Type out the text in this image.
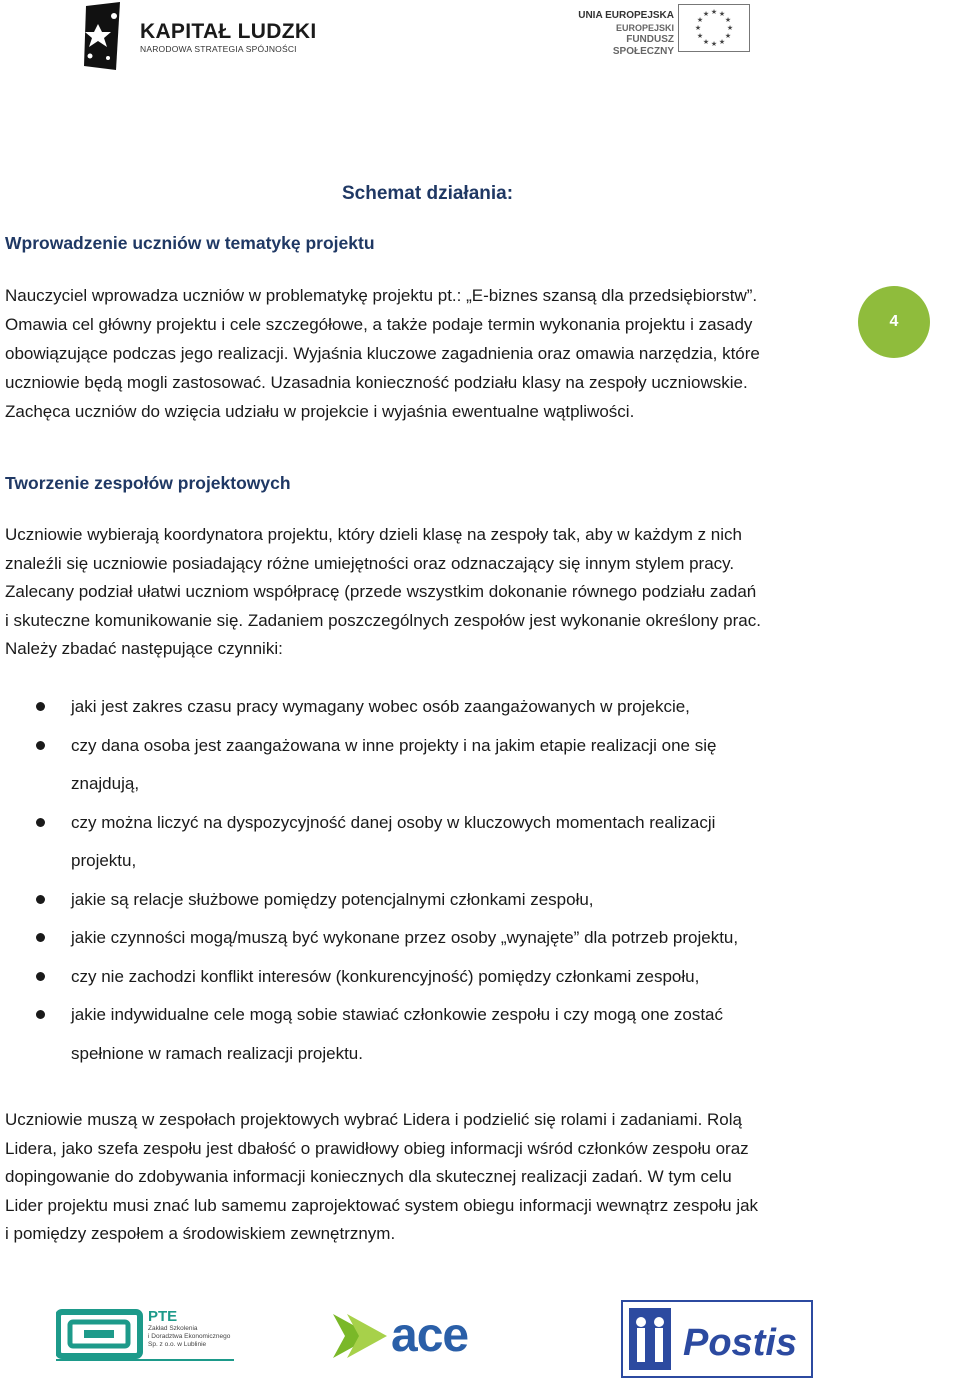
KAPITAŁ LUDZKI
NARODOWA STRATEGIA SPÓJNOŚCI
UNIA EUROPEJSKA
EUROPEJSKI
FUNDUSZ SPOŁECZNY
★ ★
★
★
★
★
★
★
★
★
★
★
Schemat działania:
Wprowadzenie uczniów w tematykę projektu

Nauczyciel wprowadza uczniów w problematykę projektu pt.: „E-biznes szansą dla przedsiębiorstw”.

Omawia cel główny projektu i cele szczegółowe, a także podaje termin wykonania projektu i zasady

obowiązujące podczas jego realizacji. Wyjaśnia kluczowe zagadnienia oraz omawia narzędzia, które

uczniowie będą mogli zastosować. Uzasadnia konieczność podziału klasy na zespoły uczniowskie.

Zachęca uczniów do wzięcia udziału w projekcie i wyjaśnia ewentualne wątpliwości.

4
Tworzenie zespołów projektowych

Uczniowie wybierają koordynatora projektu, który dzieli klasę na zespoły tak, aby w każdym z nich

znaleźli się uczniowie posiadający różne umiejętności oraz odznaczający się innym stylem pracy.

Zalecany podział ułatwi uczniom współpracę (przede wszystkim dokonanie równego podziału zadań

i skuteczne komunikowanie się. Zadaniem poszczególnych zespołów jest wykonanie określony prac.

Należy zbadać następujące czynniki:

jaki jest zakres czasu pracy wymagany wobec osób zaangażowanych w projekcie,
czy dana osoba jest zaangażowana w inne projekty i na jakim etapie realizacji one się
znajdują,
czy można liczyć na dyspozycyjność danej osoby w kluczowych momentach realizacji
projektu,
jakie są relacje służbowe pomiędzy potencjalnymi członkami zespołu,
jakie czynności mogą/muszą być wykonane przez osoby „wynajęte” dla potrzeb projektu,
czy nie zachodzi konflikt interesów (konkurencyjność) pomiędzy członkami zespołu,
jakie indywidualne cele mogą sobie stawiać członkowie zespołu i czy mogą one zostać
spełnione w ramach realizacji projektu.

Uczniowie muszą w zespołach projektowych wybrać Lidera i podzielić się rolami i zadaniami. Rolą

Lidera, jako szefa zespołu jest dbałość o prawidłowy obieg informacji wśród członków zespołu oraz

dopingowanie do zdobywania informacji koniecznych dla skutecznej realizacji zadań. W tym celu

Lider projektu musi znać lub samemu zaprojektować system obiegu informacji wewnątrz zespołu jak

i pomiędzy zespołem a środowiskiem zewnętrznym.

PTE
Zakład Szkolenia
i Doradztwa Ekonomicznego
Sp. z o.o. w Lublinie	ace	Postis
